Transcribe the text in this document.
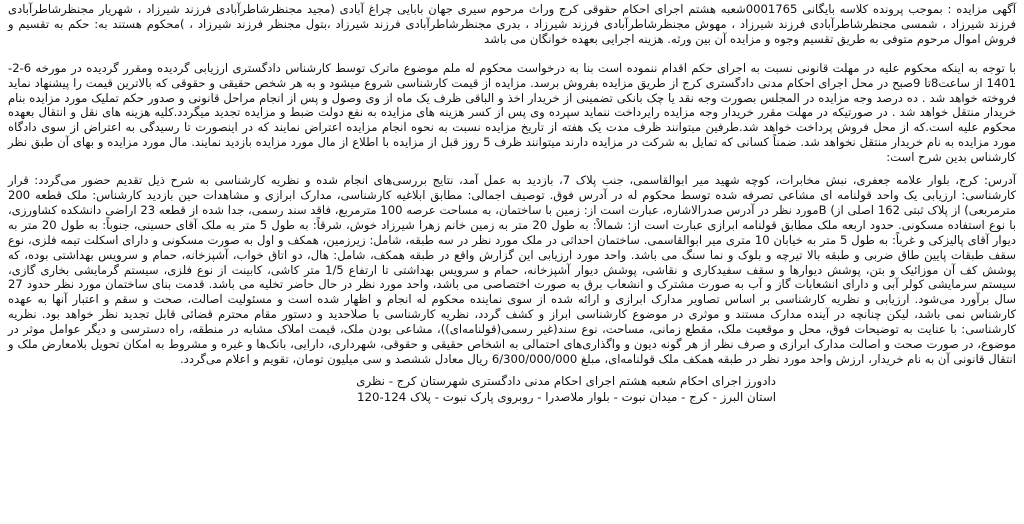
آگهی مزایده : بموجب پرونده کلاسه بایگانی 0001765شعبه هشتم اجرای احکام حقوقی کرج وراث مرحوم سیری جهان بابایی چراغ آبادی (مجید مجنظرشاطرآبادی فرزند شیرزاد ، شهریار مجنظرشاطرآبادی فرزند شیرزاد ، شمسی مجنظرشاطرآبادی فرزند شیرزاد ، مهوش مجنظرشاطرآبادی فرزند شیرزاد ، بدری مجنظرشاطرآبادی فرزند شیرزاد ،بتول مجنظر فرزند شیرزاد ، )محکوم هستند به: حکم به تقسیم و فروش اموال مرحوم متوفی به طریق تقسیم وجوه و مزایده آن بین ورثه. هزینه اجرایی بعهده خوانگان می باشد

با توجه به اینکه محکوم علیه در مهلت قانونی نسبت به اجرای حکم اقدام ننموده است بنا به درخواست محکوم له ملم موضوع ماترک توسط کارشناس دادگستری ارزیابی گردیده ومقرر گردیده در مورخه 6-2-1401 از ساعت8تا 9صبح در محل اجرای احکام مدنی دادگستری کرج از طریق مزایده بفروش برسد. مزایده از قیمت کارشناسی شروع میشود و به هر شخص حقیقی و حقوقی که بالاترین قیمت را پیشنهاد نماید فروخته خواهد شد . ده درصد وجه مزایده در المجلس بصورت وجه نقد یا چک بانکی تضمینی از خریدار اخذ و الباقی ظرف یک ماه از وی وصول و پس از انجام مراحل قانونی و صدور حکم تملیک مورد مزایده بنام خریدار منتقل خواهد شد . در صورتیکه در مهلت مقرر خریدار وجه مزایده رایرداخت ننماید سپرده وی پس از کسر هزینه های مزایده به نفع دولت ضبط و مزایده تجدید میگردد.کلیه هزینه های نقل و انتقال بعهده محکوم علیه است.که از محل فروش پرداخت خواهد شد.طرفین میتوانند ظرف مدت یک هفته از تاریخ مزایده نسبت به نحوه انجام مزایده اعتراض نمایند که در اینصورت تا رسیدگی به اعتراض از سوی دادگاه مورد مزایده به نام خریدار منتقل نخواهد شد. ضمناً کسانی که تمایل به شرکت در مزایده دارند میتوانند ظرف 5 روز قبل از مزایده با اطلاع از مال مورد مزایده بازدید نمایند. مال مورد مزایده و بهای آن طبق نظر کارشناس بدین شرح است:

آدرس: کرج، بلوار علامه جعفری، نبش مخابرات، کوچه شهید میر ابوالقاسمی، جنب پلاک 7، بازدید به عمل آمد، نتایج بررسی‌های انجام شده و نظریه کارشناسی به شرح ذیل تقدیم حضور می‌گردد: قرار کارشناسی: ارزیابی یک واحد قولنامه ای مشاعی تصرفه شده توسط محکوم له در آدرس فوق. توصیف اجمالی: مطابق ابلاغیه کارشناسی، مدارک ابرازی و مشاهدات حین بازدید کارشناس: ملک قطعه 200 مترمربعی) از پلاک ثبتی 162 اصلی از) Bمورد نظر در آدرس صدرالاشاره، عبارت است از: زمین با ساختمان، به مساحت عرصه 100 مترمربع، فاقد سند رسمی، جدا شده از قطعه 23 اراضی دانشکده کشاورزی، با نوع استفاده مسکونی. حدود اربعه ملک مطابق قولنامه ابرازی عبارت است از: شمالاً: به طول 20 متر به زمین خانم زهرا شیرزاد خوش، شرقاً: به طول 5 متر به ملک آقای حسینی، جنوباً: به طول 20 متر به دیوار آقای پالیزکی و غرباً: به طول 5 متر به خیابان 10 متری میر ابوالقاسمی. ساختمان احداثی در ملک مورد نظر در سه طبقه، شامل: زیرزمین، همکف و اول به صورت مسکونی و دارای اسکلت تیمه فلزی، نوع سقف طبقات پایین طاق ضربی و طبقه بالا تیرچه و بلوک و نما سنگ می باشد. واحد مورد ارزیابی این گزارش واقع در طبقه همکف، شامل: هال، دو اتاق خواب، آشپزخانه، حمام و سرویس بهداشتی بوده، که پوشش کف آن موزائیک و بتن، پوشش دیوارها و سقف سفیدکاری و نقاشی، پوشش دیوار آشپزخانه، حمام و سرویس بهداشتی تا ارتفاع 1/5 متر کاشی، کابینت از نوع فلزی، سیستم گرمایشی بخاری گازی، سیستم سرمایشی کولر آبی و دارای انشعابات گاز و آب به صورت مشترک و انشعاب برق به صورت اختصاصی می باشد، واحد مورد نظر در حال حاضر تخلیه می باشد. قدمت بنای ساختمان مورد نظر حدود 27 سال برآورد می‌شود. ارزیابی و نظریه کارشناسی بر اساس تصاویر مدارک ابرازی و ارائه شده از سوی نماینده محکوم له انجام و اظهار شده است و مسئولیت اصالت، صحت و سقم و اعتبار آنها به عهده کارشناس نمی باشد، لیکن چنانچه در آینده مدارک مستند و موثری در موضوع کارشناسی ابراز و کشف گردد، نظریه کارشناسی با صلاحدید و دستور مقام محترم قضائی قابل تجدید نظر خواهد بود. نظریه کارشناسی: با عنایت به توضیحات فوق، محل و موقعیت ملک، مقطع زمانی، مساحت، نوع سند(غیر رسمی(قولنامه‌ای))، مشاعی بودن ملک، قیمت املاک مشابه در منطقه، راه دسترسی و دیگر عوامل موثر در موضوع، در صورت صحت و اصالت مدارک ابرازی و صرف نظر از هر گونه دیون و واگذاری‌های احتمالی به اشخاص حقیقی و حقوقی، شهرداری، دارایی، بانک‌ها و غیره و مشروط به امکان تحویل بلامعارض ملک و انتقال قانونی آن به نام خریدار، ارزش واحد مورد نظر در طبقه همکف ملک قولنامه‌ای، مبلغ 6/300/000/000 ریال معادل ششصد و سی میلیون تومان، تقویم و اعلام می‌گردد.

دادورز اجرای احکام شعبه هشتم اجرای احکام مدنی دادگستری شهرستان کرج - نظری
استان البرز - کرج - میدان نبوت - بلوار ملاصدرا - روبروی پارک نبوت - پلاک 124-120
